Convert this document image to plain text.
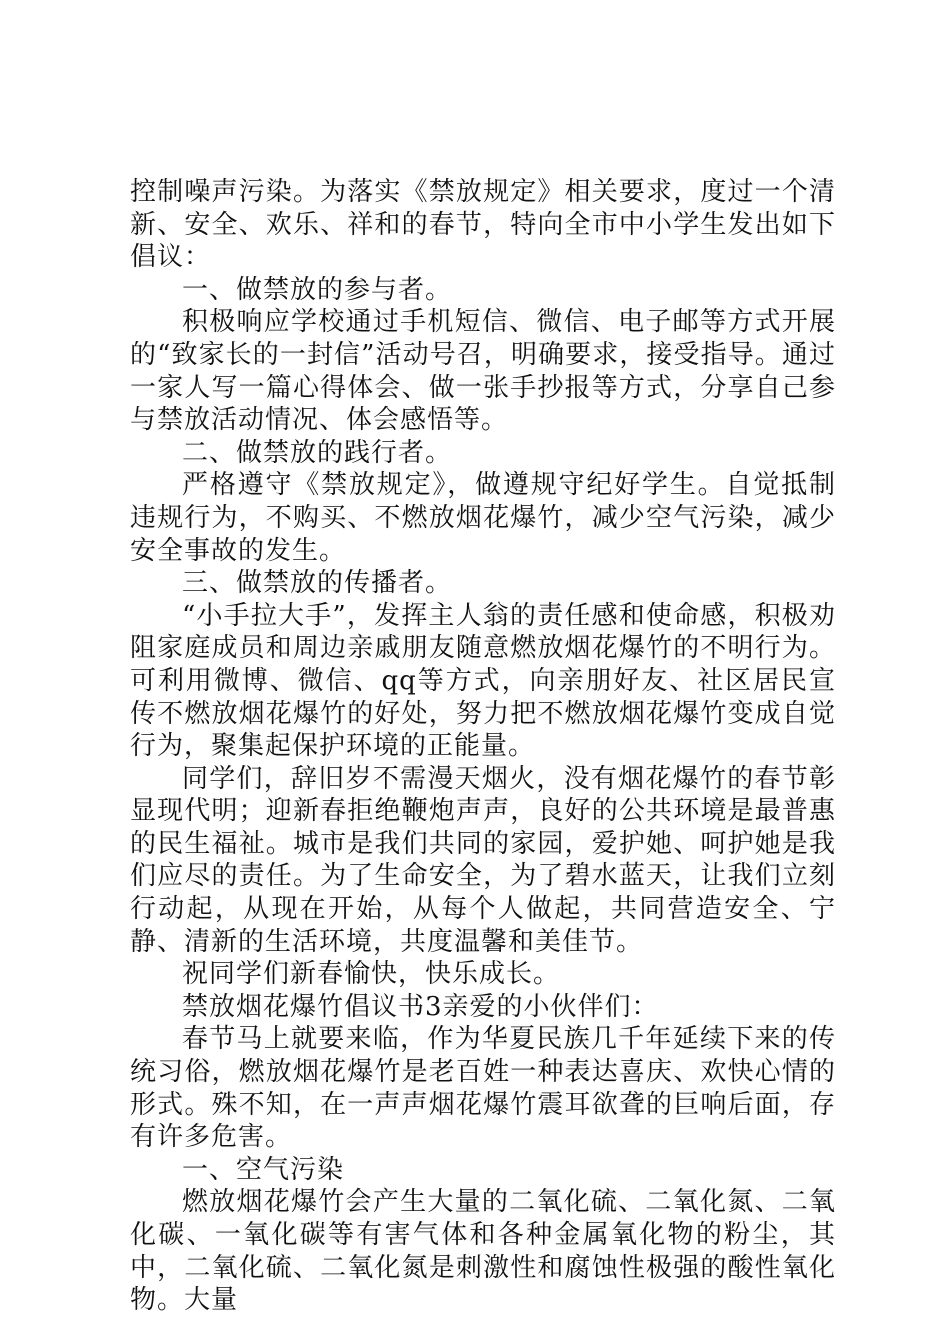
控制噪声污染。为落实《禁放规定》相关要求，度过一个清新、安全、欢乐、祥和的春节，特向全市中小学生发出如下倡议：

一、做禁放的参与者。

积极响应学校通过手机短信、微信、电子邮等方式开展的“致家长的一封信”活动号召，明确要求，接受指导。通过一家人写一篇心得体会、做一张手抄报等方式，分享自己参与禁放活动情况、体会感悟等。

二、做禁放的践行者。

严格遵守《禁放规定》，做遵规守纪好学生。自觉抵制违规行为，不购买、不燃放烟花爆竹，减少空气污染，减少安全事故的发生。

三、做禁放的传播者。

“小手拉大手”，发挥主人翁的责任感和使命感，积极劝阻家庭成员和周边亲戚朋友随意燃放烟花爆竹的不明行为。可利用微博、微信、qq等方式，向亲朋好友、社区居民宣传不燃放烟花爆竹的好处，努力把不燃放烟花爆竹变成自觉行为，聚集起保护环境的正能量。

同学们，辞旧岁不需漫天烟火，没有烟花爆竹的春节彰显现代明；迎新春拒绝鞭炮声声，良好的公共环境是最普惠的民生福祉。城市是我们共同的家园，爱护她、呵护她是我们应尽的责任。为了生命安全，为了碧水蓝天，让我们立刻行动起，从现在开始，从每个人做起，共同营造安全、宁静、清新的生活环境，共度温馨和美佳节。

祝同学们新春愉快，快乐成长。

禁放烟花爆竹倡议书3亲爱的小伙伴们：

春节马上就要来临，作为华夏民族几千年延续下来的传统习俗，燃放烟花爆竹是老百姓一种表达喜庆、欢快心情的形式。殊不知，在一声声烟花爆竹震耳欲聋的巨响后面，存有许多危害。

一、空气污染

燃放烟花爆竹会产生大量的二氧化硫、二氧化氮、二氧化碳、一氧化碳等有害气体和各种金属氧化物的粉尘，其中，二氧化硫、二氧化氮是刺激性和腐蚀性极强的酸性氧化物。大量
